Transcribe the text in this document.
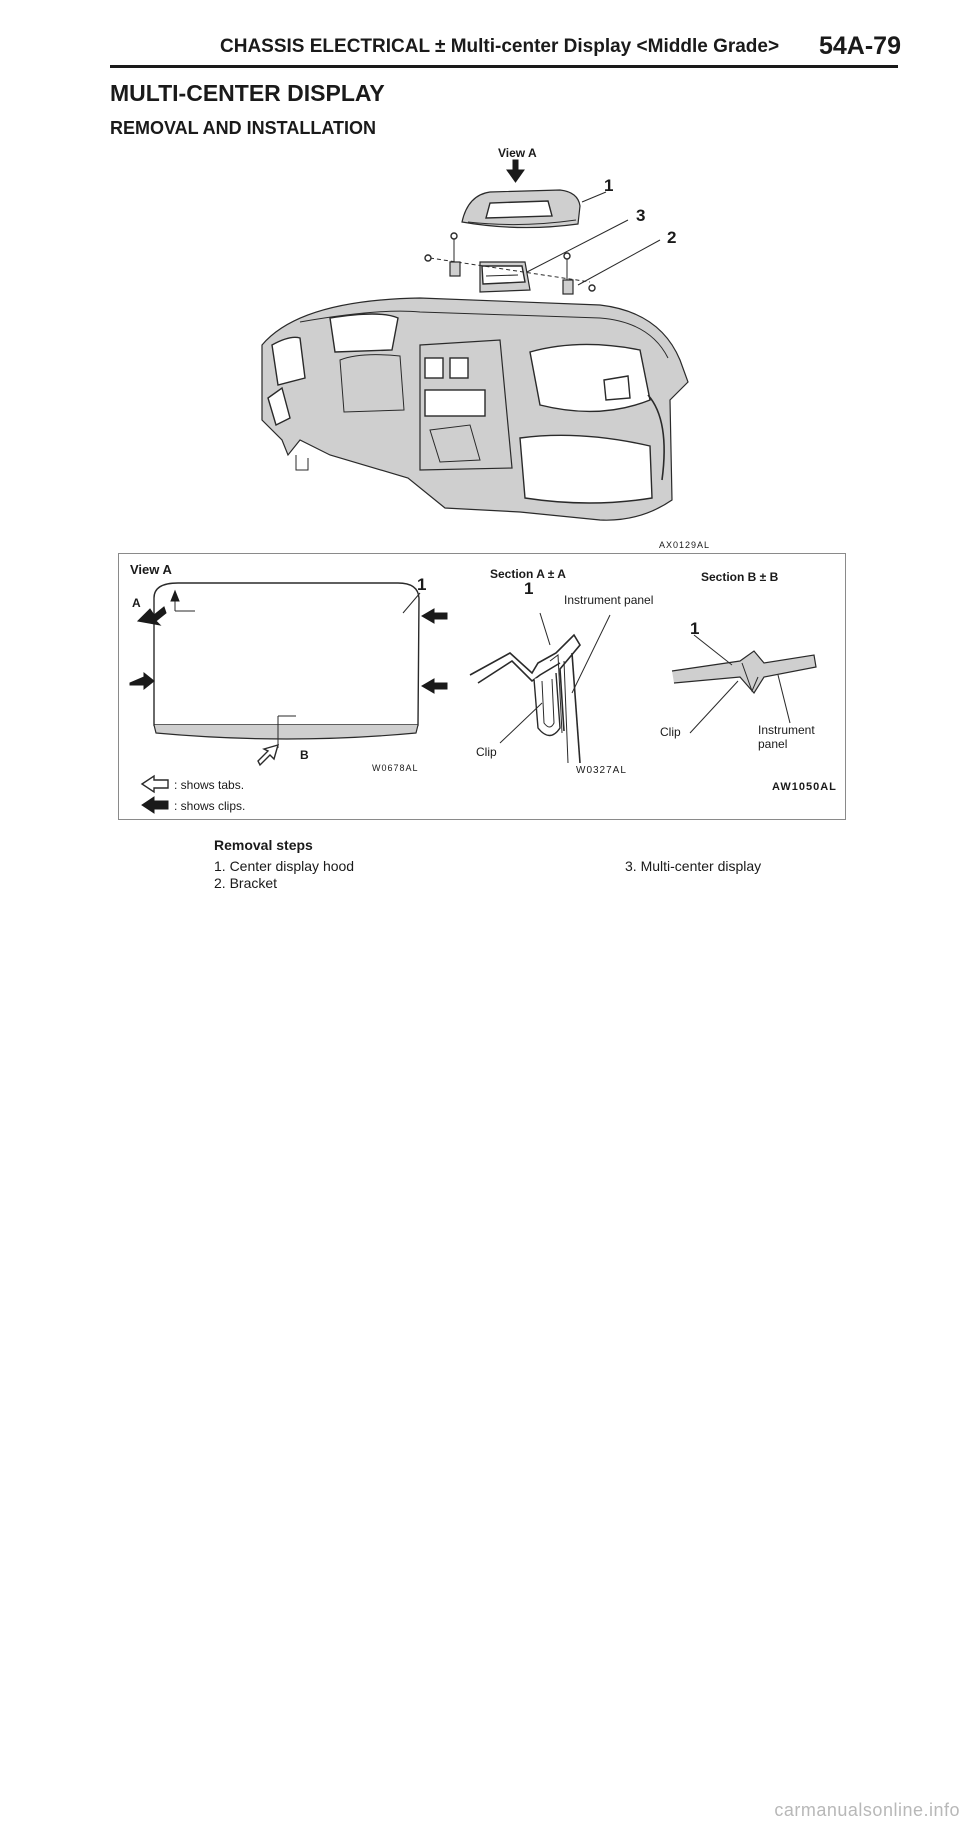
CHASSIS ELECTRICAL ± Multi-center Display <Middle Grade> 54A-79
MULTI-CENTER DISPLAY
REMOVAL AND INSTALLATION
View A
1
3
2
AX0129AL
View A
1
A
B
W0678AL
: shows tabs.
: shows clips.
Section A ± A
1
Instrument panel
Clip
W0327AL
Section B ± B
1
Clip	Instrument panel
AW1050AL
Removal steps
1. Center display hood
2. Bracket
3. Multi-center display
carmanualsonline.info
